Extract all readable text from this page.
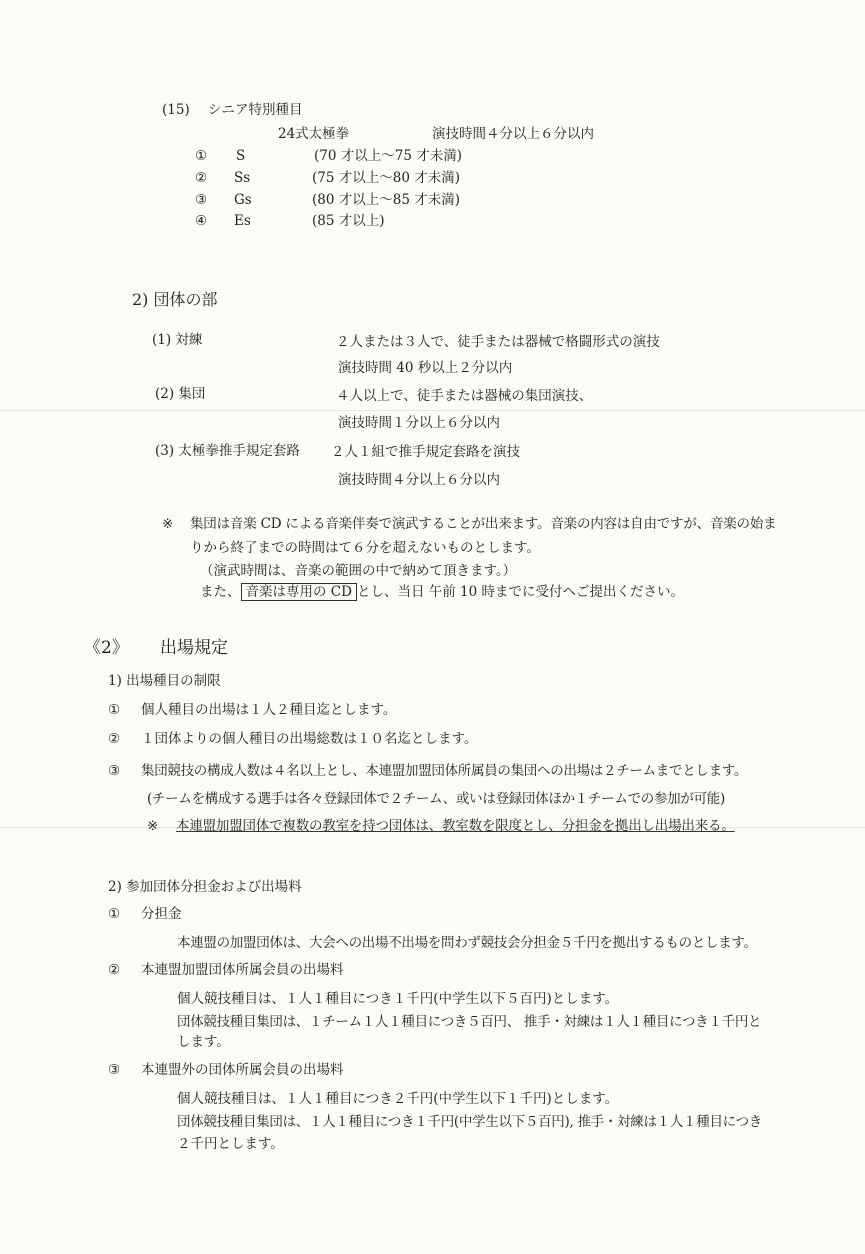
(15) シニア特別種目
24式太極拳	演技時間４分以上６分以内
① S	(70 才以上～75 才未満)
② Ss	(75 才以上～80 才未満)
③ Gs	(80 才以上～85 才未満)
④ Es	(85 才以上)
2) 団体の部
(1) 対練	２人または３人で、徒手または器械で格闘形式の演技
演技時間 40 秒以上２分以内
(2) 集団	４人以上で、徒手または器械の集団演技、
演技時間１分以上６分以内
(3) 太極拳推手規定套路 ２人１組で推手規定套路を演技
演技時間４分以上６分以内
※ 集団は音楽 CD による音楽伴奏で演武することが出来ます。音楽の内容は自由ですが、音楽の始ま
りから終了までの時間はて６分を超えないものとします。
（演武時間は、音楽の範囲の中で納めて頂きます。）
また、 音楽は専用の CD とし、当日 午前 10 時までに受付へご提出ください。
《2》 出場規定
1) 出場種目の制限
① 個人種目の出場は１人２種目迄とします。
② １団体よりの個人種目の出場総数は１０名迄とします。
③ 集団競技の構成人数は４名以上とし、本連盟加盟団体所属員の集団への出場は２チームまでとします。
(チームを構成する選手は各々登録団体で２チーム、或いは登録団体ほか１チームでの参加が可能)
※ 本連盟加盟団体で複数の教室を持つ団体は、教室数を限度とし、分担金を拠出し出場出来る。
2) 参加団体分担金および出場料
① 分担金
本連盟の加盟団体は、大会への出場不出場を問わず競技会分担金５千円を拠出するものとします。
② 本連盟加盟団体所属会員の出場料
個人競技種目は、１人１種目につき１千円(中学生以下５百円)とします。
団体競技種目集団は、１チーム１人１種目につき５百円、 推手・対練は１人１種目につき１千円と
します。
③ 本連盟外の団体所属会員の出場料
個人競技種目は、１人１種目につき２千円(中学生以下１千円)とします。
団体競技種目集団は、１人１種目につき１千円(中学生以下５百円), 推手・対練は１人１種目につき
２千円とします。
